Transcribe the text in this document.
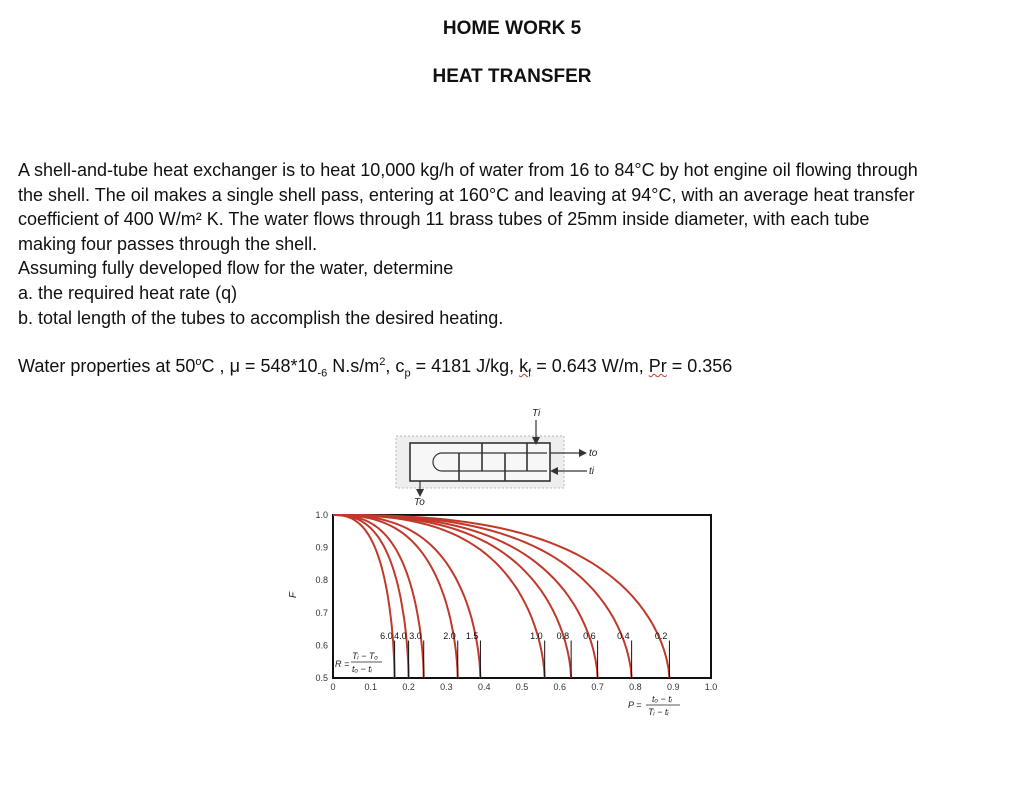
HOME WORK 5
HEAT TRANSFER
A shell-and-tube heat exchanger is to heat 10,000 kg/h of water from 16 to 84°C by hot engine oil flowing through
the shell. The oil makes a single shell pass, entering at 160°C and leaving at 94°C, with an average heat transfer
coefficient of 400 W/m² K. The water flows through 11 brass tubes of 25mm inside diameter, with each tube
making four passes through the shell.
Assuming fully developed flow for the water, determine
a. the required heat rate (q)
b. total length of the tubes to accomplish the desired heating.
Water properties at 50$^o$C , $\mu = 548*10_{-6}$ $N.s/m^2$, $c_p = 4181$ J/kg, $k_f = 0.643$ W/m, Pr = 0.356
Ti
To
to
ti
0	0.1	0.2	0.3	0.4	0.5	0.6	0.7	0.8	0.9	1.0
0.5
0.6
0.7
0.8
0.9
1.0
6.0 4.0 3.0 2.0 1.5	1.0 0.8 0.6 0.4	0.2
F
R =
Tᵢ − Tₒ
tₒ − tᵢ
P =
tₒ − tᵢ
Tᵢ − tᵢ
